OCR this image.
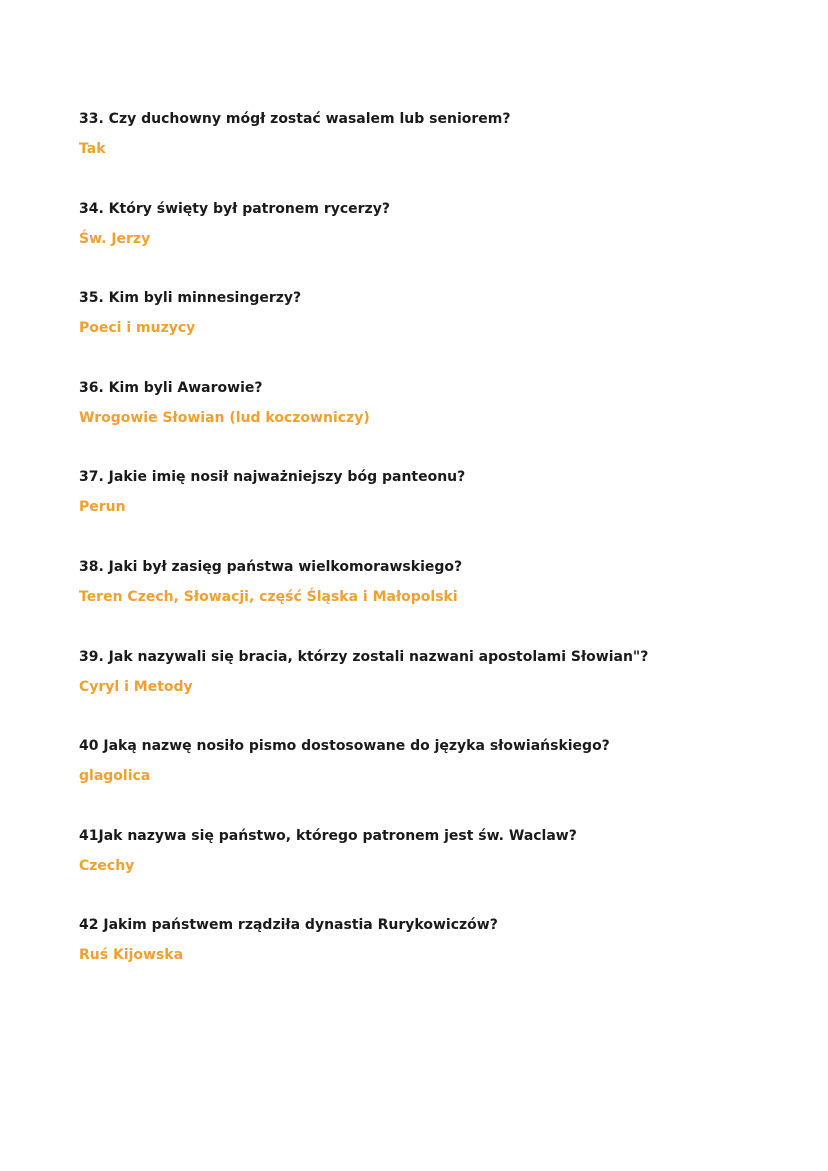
33. Czy duchowny mógł zostać wasalem lub seniorem?
Tak
34. Który święty był patronem rycerzy?
Św. Jerzy
35. Kim byli minnesingerzy?
Poeci i muzycy
36. Kim byli Awarowie?
Wrogowie Słowian (lud koczowniczy)
37. Jakie imię nosił najważniejszy bóg panteonu?
Perun
38. Jaki był zasięg państwa wielkomorawskiego?
Teren Czech, Słowacji, część Śląska i Małopolski
39. Jak nazywali się bracia, którzy zostali nazwani apostolami Słowian"?
Cyryl i Metody
40 Jaką nazwę nosiło pismo dostosowane do języka słowiańskiego?
glagolica
41Jak nazywa się państwo, którego patronem jest św. Waclaw?
Czechy
42 Jakim państwem rządziła dynastia Rurykowiczów?
Ruś Kijowska
